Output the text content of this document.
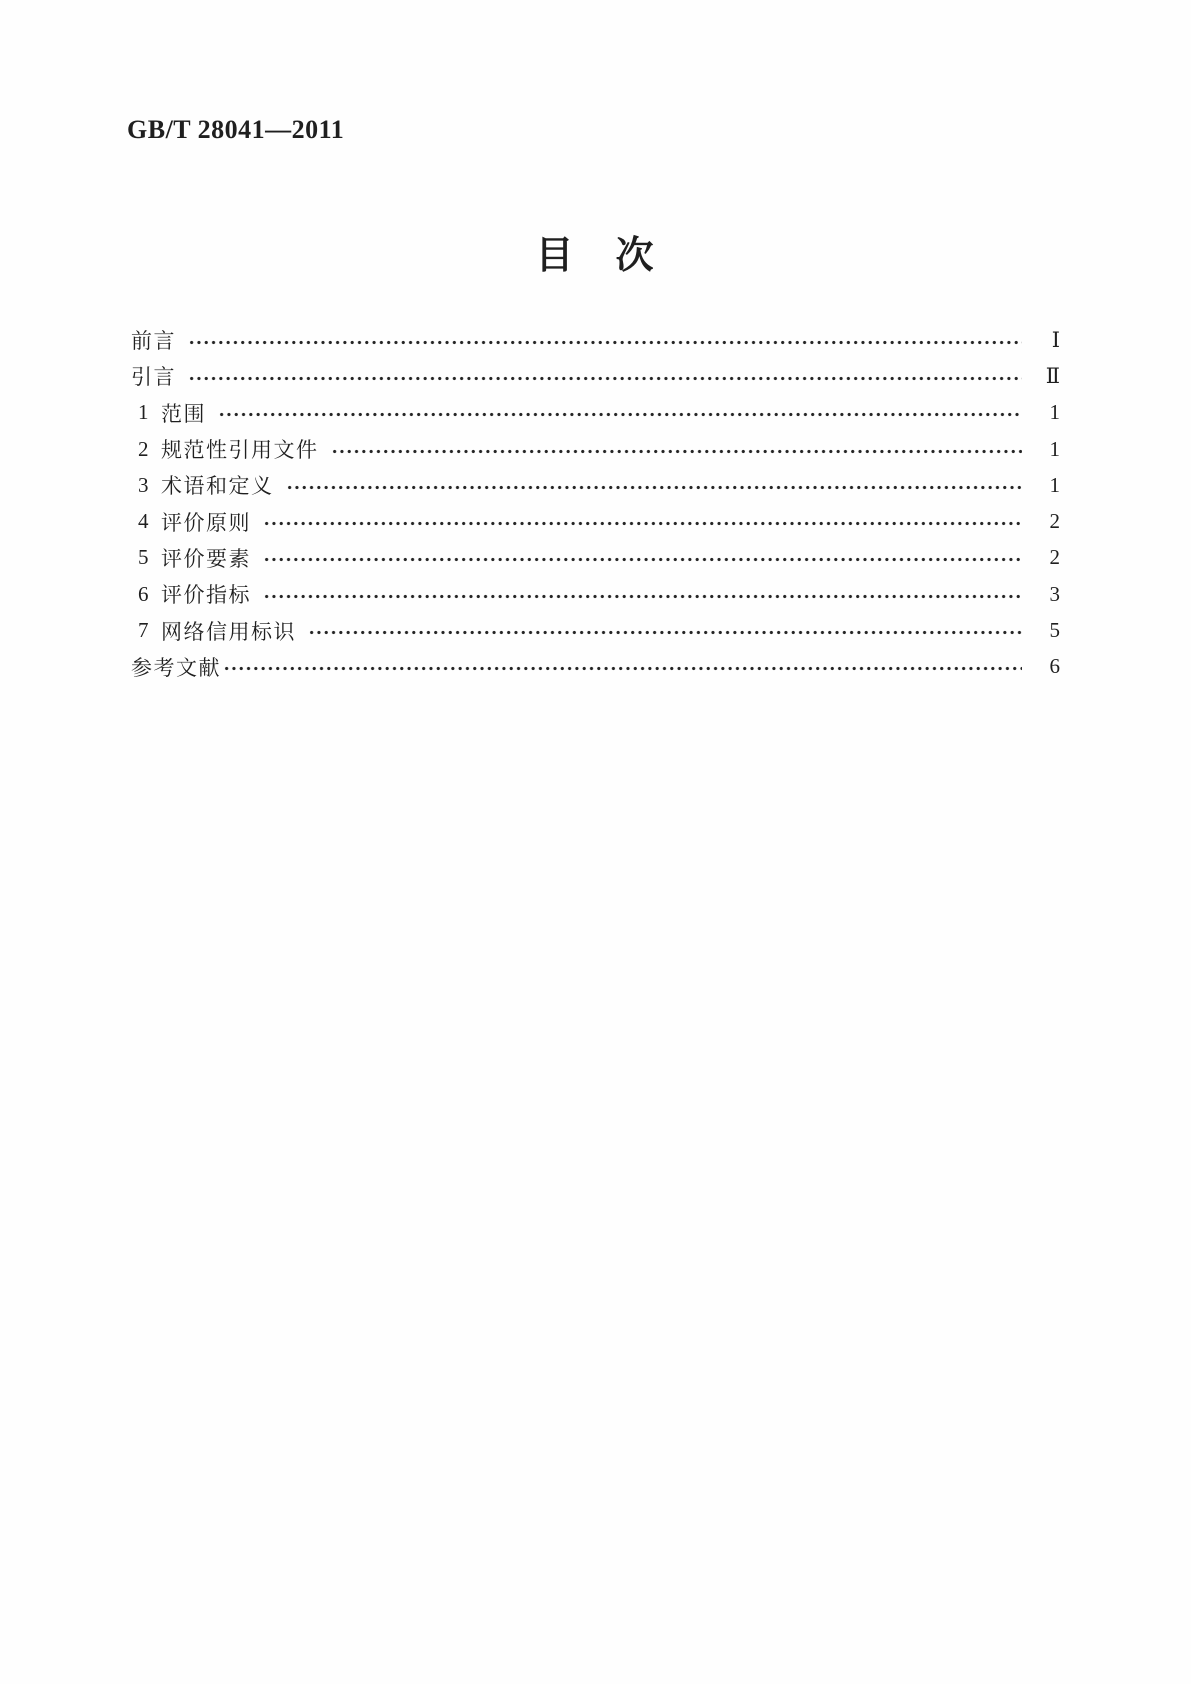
GB/T 28041—2011
目　次
前言	Ⅰ
引言	Ⅱ
1 范围	1
2 规范性引用文件	1
3 术语和定义	1
4 评价原则	2
5 评价要素	2
6 评价指标	3
7 网络信用标识	5
参考文献	6
